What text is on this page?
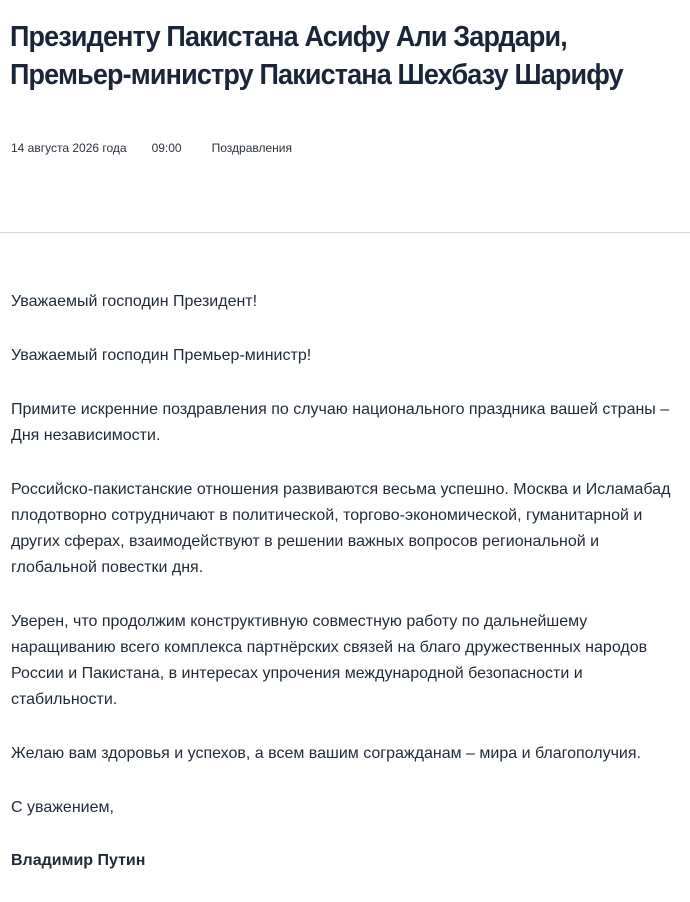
Президенту Пакистана Асифу Али Зардари, Премьер-министру Пакистана Шехбазу Шарифу
14 августа 2026 года 09:00	Поздравления

Уважаемый господин Президент!

Уважаемый господин Премьер-министр!

Примите искренние поздравления по случаю национального праздника вашей страны – Дня независимости.

Российско-пакистанские отношения развиваются весьма успешно. Москва и Исламабад плодотворно сотрудничают в политической, торгово-экономической, гуманитарной и других сферах, взаимодействуют в решении важных вопросов региональной и глобальной повестки дня.

Уверен, что продолжим конструктивную совместную работу по дальнейшему наращиванию всего комплекса партнёрских связей на благо дружественных народов России и Пакистана, в интересах упрочения международной безопасности и стабильности.

Желаю вам здоровья и успехов, а всем вашим согражданам – мира и благополучия.

С уважением,

Владимир Путин
